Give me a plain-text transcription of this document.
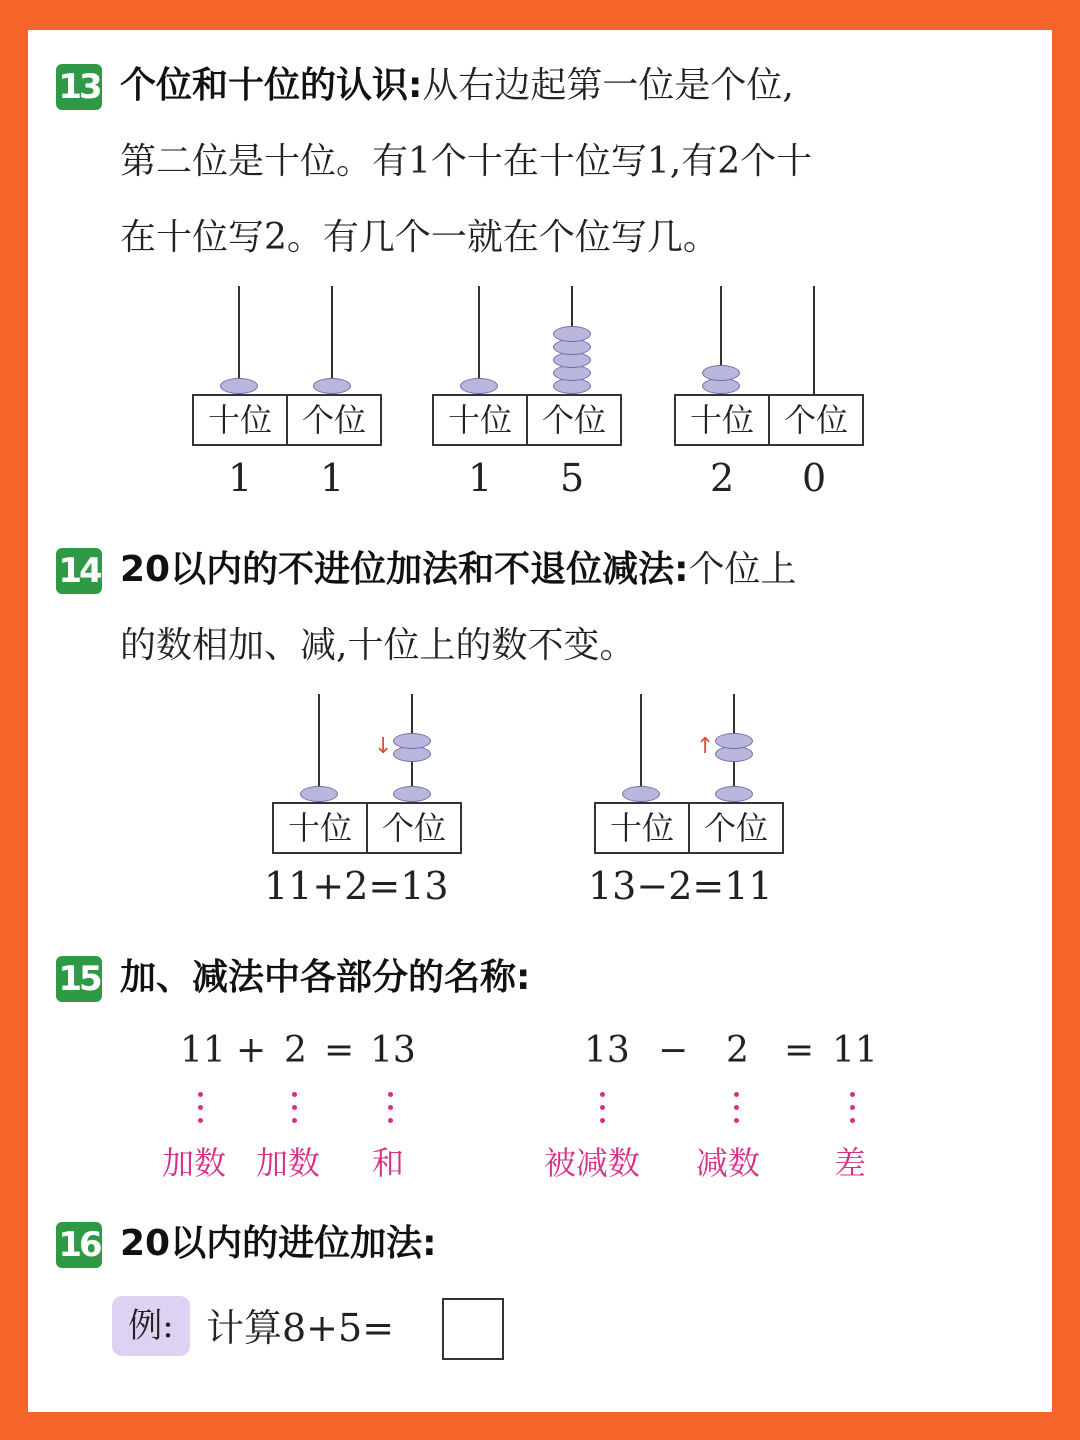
13 个位和十位的认识:从右边起第一位是个位,
第二位是十位。有1个十在十位写1,有2个十
在十位写2。有几个一就在个位写几。
十位 个位
1 1
十位 个位
1 5
十位 个位
2 0
14 20以内的不进位加法和不退位减法:个位上
的数相加、减,十位上的数不变。
↓
十位 个位
11+2=13
↑
十位 个位
13−2=11
15 加、减法中各部分的名称:
11 + 2 = 13
加数 加数 和
13 − 2 = 11
被减数 减数 差
16 20以内的进位加法:
例: 计算8+5=
